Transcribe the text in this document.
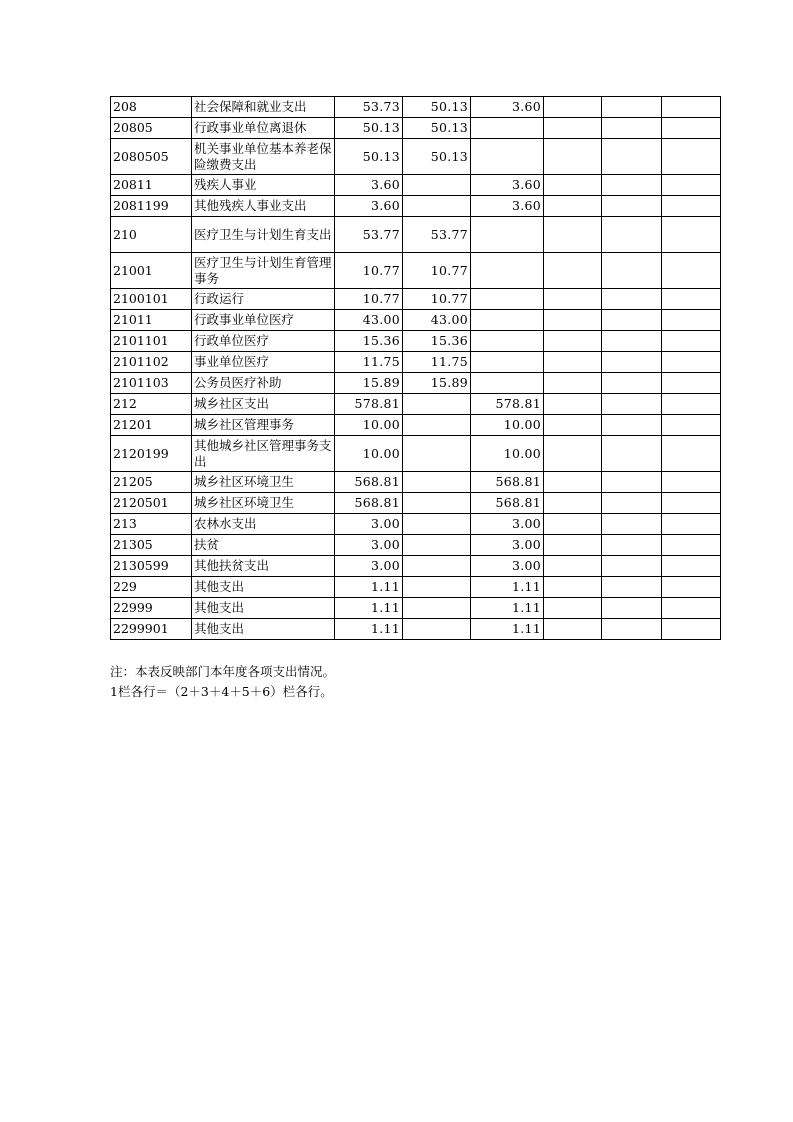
208	社会保障和就业支出	53.73	50.13	3.60			
20805	行政事业单位离退休	50.13	50.13				
2080505	机关事业单位基本养老保险缴费支出	50.13	50.13				
20811	残疾人事业	3.60		3.60			
2081199	其他残疾人事业支出	3.60		3.60			
210	医疗卫生与计划生育支出	53.77	53.77				
21001	医疗卫生与计划生育管理事务	10.77	10.77				
2100101	行政运行	10.77	10.77				
21011	行政事业单位医疗	43.00	43.00				
2101101	行政单位医疗	15.36	15.36				
2101102	事业单位医疗	11.75	11.75				
2101103	公务员医疗补助	15.89	15.89				
212	城乡社区支出	578.81		578.81			
21201	城乡社区管理事务	10.00		10.00			
2120199	其他城乡社区管理事务支出	10.00		10.00			
21205	城乡社区环境卫生	568.81		568.81			
2120501	城乡社区环境卫生	568.81		568.81			
213	农林水支出	3.00		3.00			
21305	扶贫	3.00		3.00			
2130599	其他扶贫支出	3.00		3.00			
229	其他支出	1.11		1.11			
22999	其他支出	1.11		1.11			
2299901	其他支出	1.11		1.11			
注：本表反映部门本年度各项支出情况。
1栏各行＝（2＋3＋4＋5＋6）栏各行。
